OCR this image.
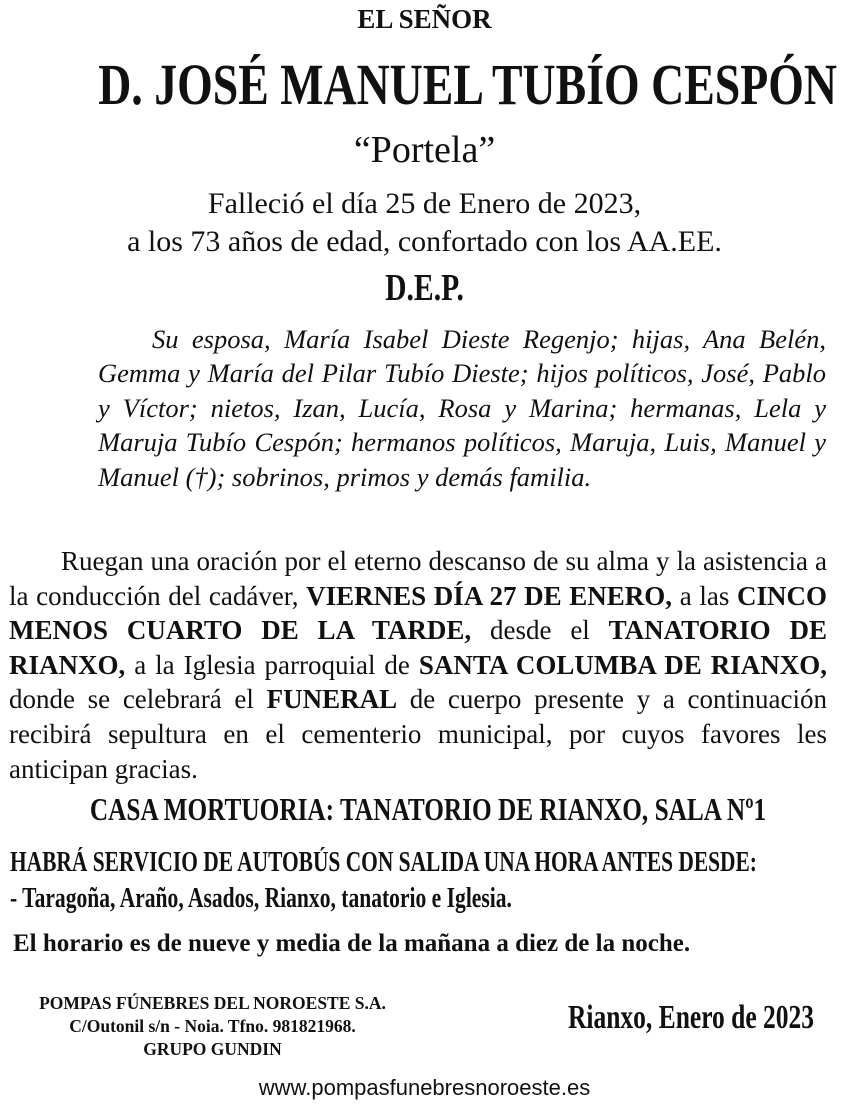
EL SEÑOR
D. JOSÉ MANUEL TUBÍO CESPÓN
“Portela”
Falleció el día 25 de Enero de 2023,
a los 73 años de edad, confortado con los AA.EE.
D.E.P.
Su esposa, María Isabel Dieste Regenjo; hijas, Ana Belén, Gemma y María del Pilar Tubío Dieste; hijos políticos, José, Pablo y Víctor; nietos, Izan, Lucía, Rosa y Marina; hermanas, Lela y Maruja Tubío Cespón; hermanos políticos, Maruja, Luis, Manuel y Manuel (†); sobrinos, primos y demás familia.
Ruegan una oración por el eterno descanso de su alma y la asistencia a la conducción del cadáver, VIERNES DÍA 27 DE ENERO, a las CINCO MENOS CUARTO DE LA TARDE, desde el TANATORIO DE RIANXO, a la Iglesia parroquial de SANTA COLUMBA DE RIANXO, donde se celebrará el FUNERAL de cuerpo presente y a continuación recibirá sepultura en el cementerio municipal, por cuyos favores les anticipan gracias.
CASA MORTUORIA: TANATORIO DE RIANXO, SALA Nº1
HABRÁ SERVICIO DE AUTOBÚS CON SALIDA UNA HORA ANTES DESDE:
- Taragoña, Araño, Asados, Rianxo, tanatorio e Iglesia.
El horario es de nueve y media de la mañana a diez de la noche.
POMPAS FÚNEBRES DEL NOROESTE S.A.
C/Outonil s/n - Noia. Tfno. 981821968.
GRUPO GUNDIN
Rianxo, Enero de 2023
www.pompasfunebresnoroeste.es
